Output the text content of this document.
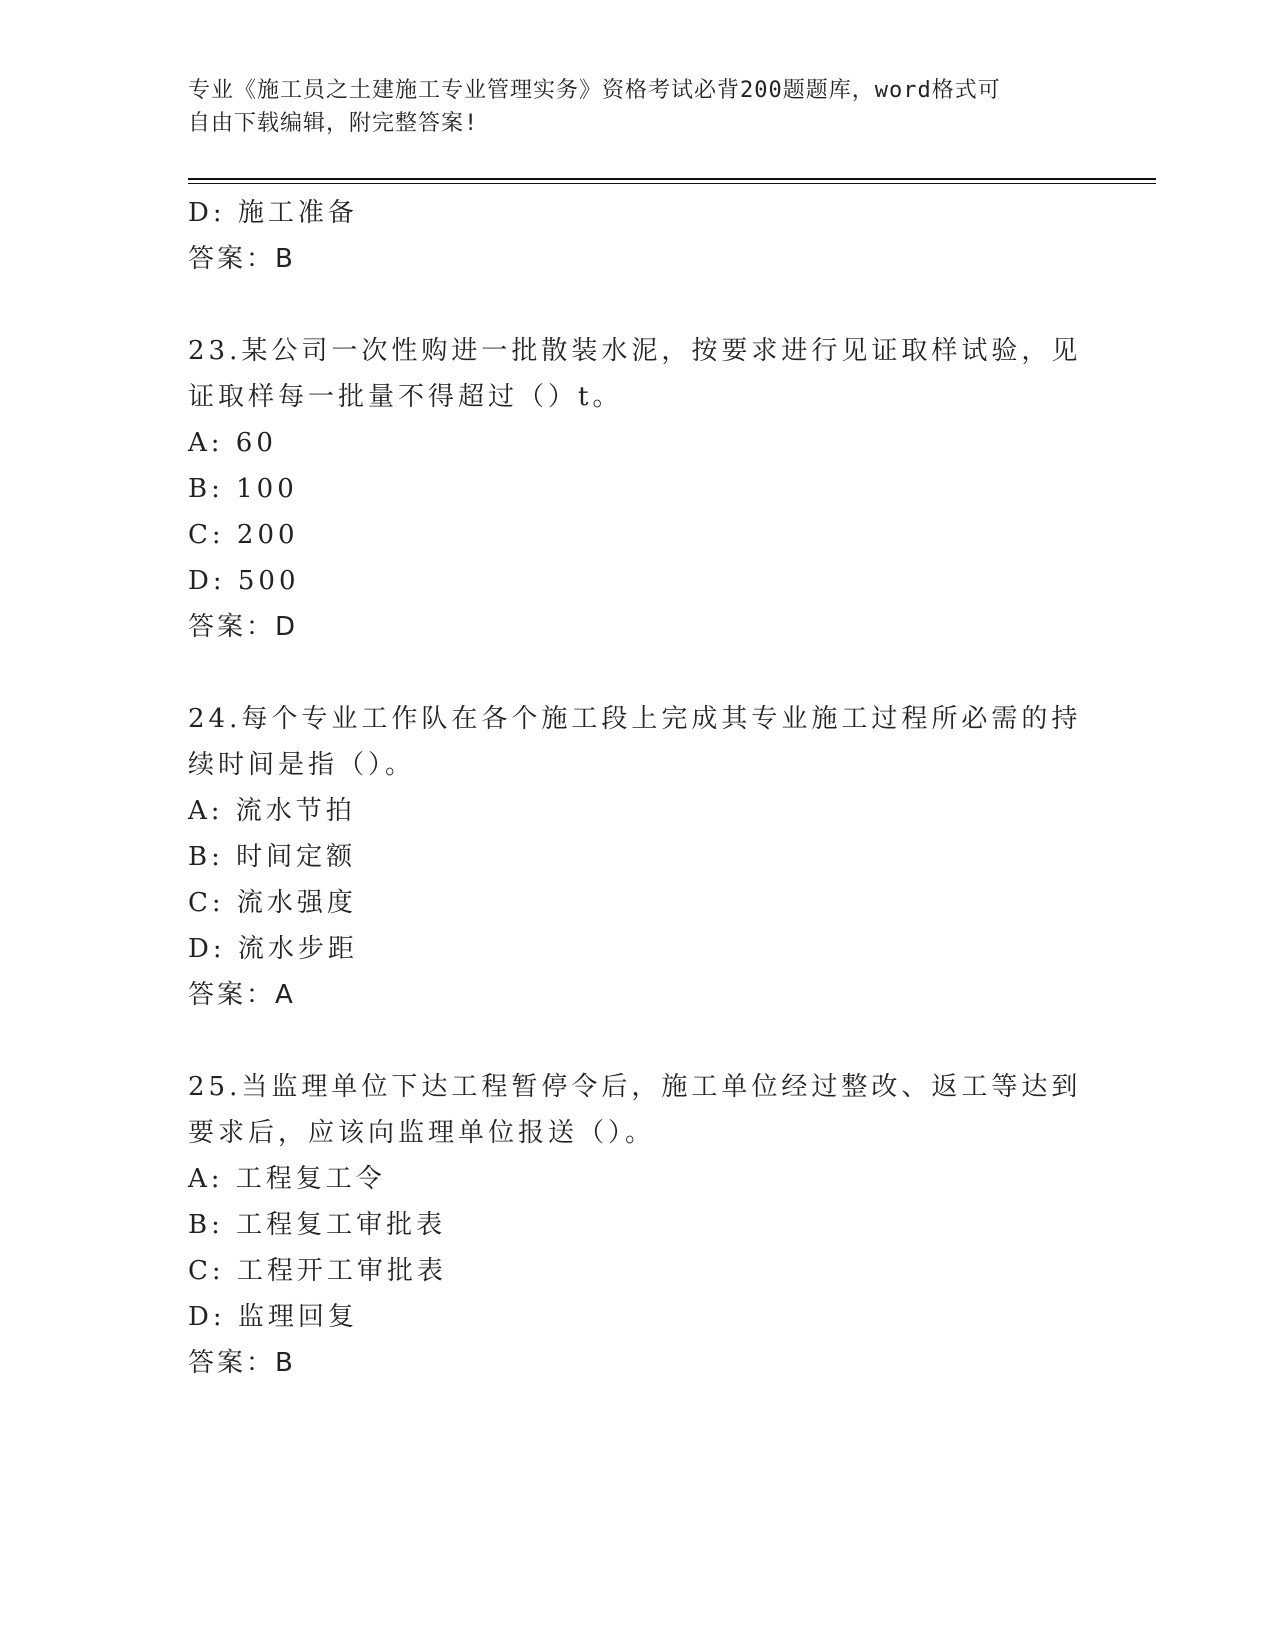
专业《施工员之土建施工专业管理实务》资格考试必背200题题库，word格式可
自由下载编辑，附完整答案!
D: 施工准备
答案：B
23.某公司一次性购进一批散装水泥，按要求进行见证取样试验，见证取样每一批量不得超过（）t。
A: 60
B: 100
C: 200
D: 500
答案：D
24.每个专业工作队在各个施工段上完成其专业施工过程所必需的持续时间是指（）。
A: 流水节拍
B: 时间定额
C: 流水强度
D: 流水步距
答案：A
25.当监理单位下达工程暂停令后，施工单位经过整改、返工等达到要求后，应该向监理单位报送（）。
A: 工程复工令
B: 工程复工审批表
C: 工程开工审批表
D: 监理回复
答案：B
